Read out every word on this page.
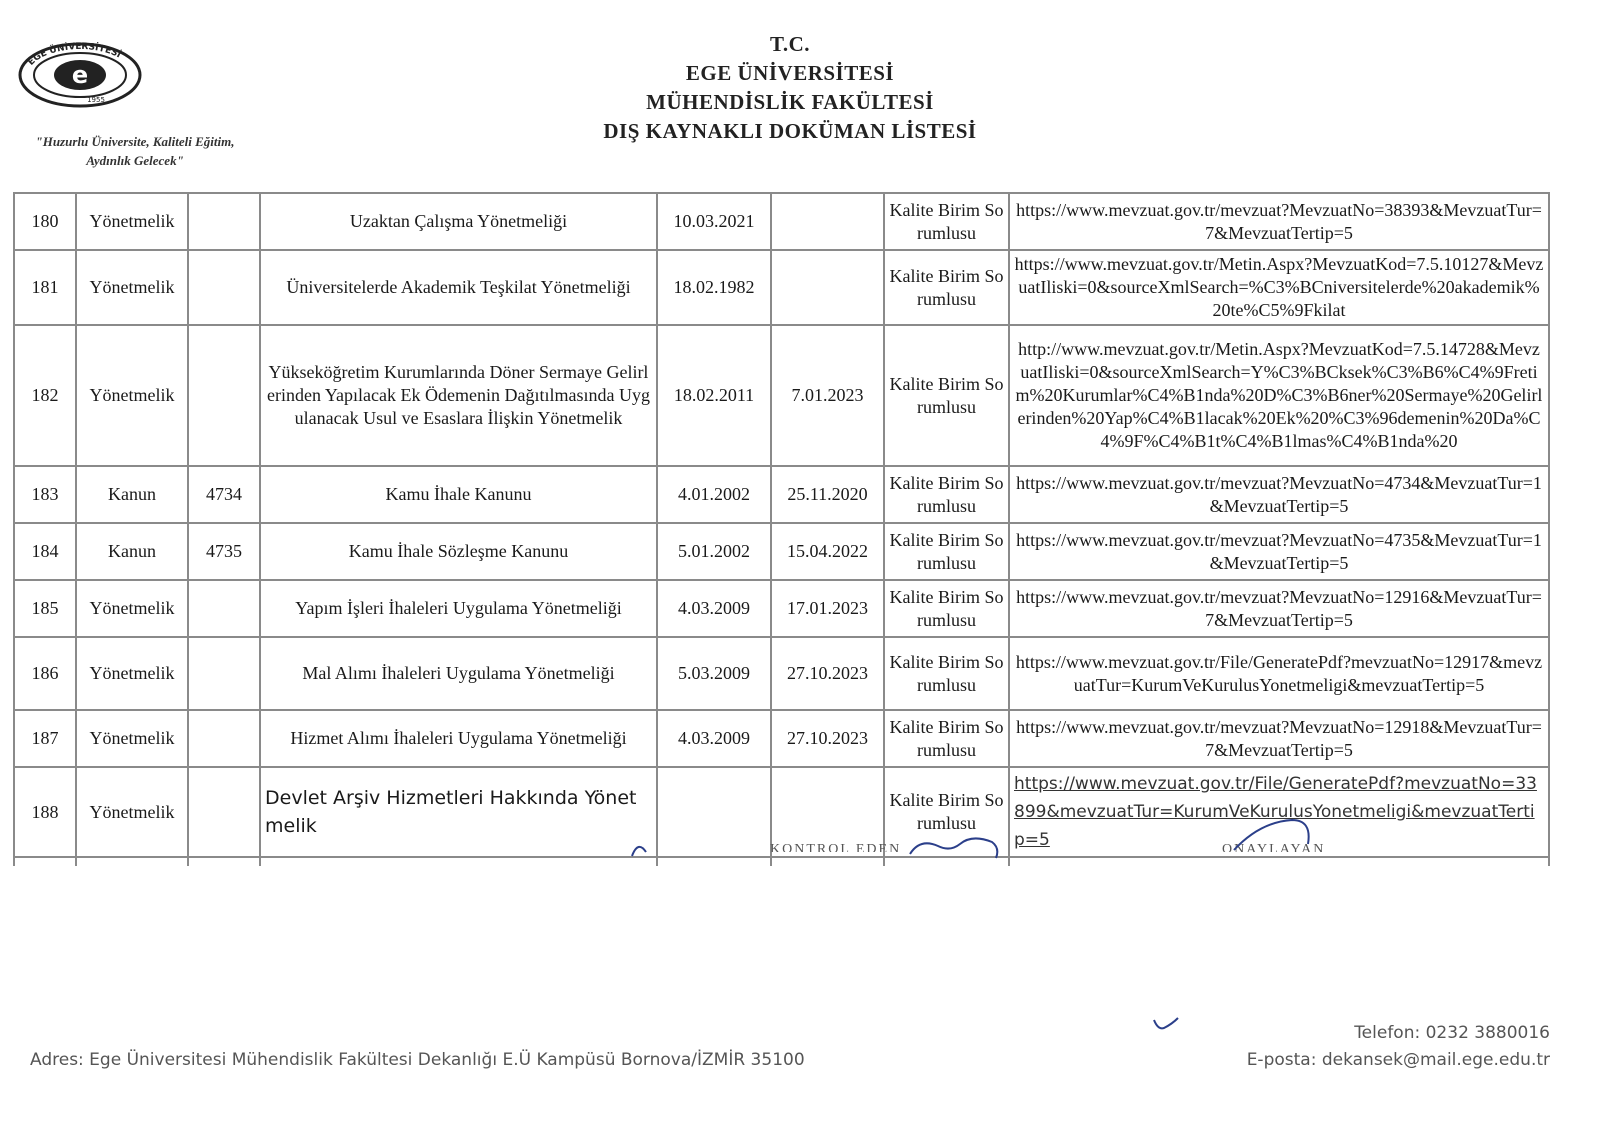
EGE ÜNİVERSİTESİ
e
1955
"Huzurlu Üniversite, Kaliteli Eğitim,
Aydınlık Gelecek"
T.C.
EGE ÜNİVERSİTESİ
MÜHENDİSLİK FAKÜLTESİ
DIŞ KAYNAKLI DOKÜMAN LİSTESİ
180	Yönetmelik		Uzaktan Çalışma Yönetmeliği	10.03.2021		Kalite Birim Sorumlusu	https://www.mevzuat.gov.tr/mevzuat?MevzuatNo=38393&MevzuatTur=7&MevzuatTertip=5
181	Yönetmelik		Üniversitelerde Akademik Teşkilat Yönetmeliği	18.02.1982		Kalite Birim Sorumlusu	https://www.mevzuat.gov.tr/Metin.Aspx?MevzuatKod=7.5.10127&MevzuatIliski=0&sourceXmlSearch=%C3%BCniversitelerde%20akademik%20te%C5%9Fkilat
182	Yönetmelik		Yükseköğretim Kurumlarında Döner Sermaye Gelirlerinden Yapılacak Ek Ödemenin Dağıtılmasında Uygulanacak Usul ve Esaslara İlişkin Yönetmelik	18.02.2011	7.01.2023	Kalite Birim Sorumlusu	http://www.mevzuat.gov.tr/Metin.Aspx?MevzuatKod=7.5.14728&MevzuatIliski=0&sourceXmlSearch=Y%C3%BCksek%C3%B6%C4%9Fretim%20Kurumlar%C4%B1nda%20D%C3%B6ner%20Sermaye%20Gelirlerinden%20Yap%C4%B1lacak%20Ek%20%C3%96demenin%20Da%C4%9F%C4%B1t%C4%B1lmas%C4%B1nda%20
183	Kanun	4734	Kamu İhale Kanunu	4.01.2002	25.11.2020	Kalite Birim Sorumlusu	https://www.mevzuat.gov.tr/mevzuat?MevzuatNo=4734&MevzuatTur=1&MevzuatTertip=5
184	Kanun	4735	Kamu İhale Sözleşme Kanunu	5.01.2002	15.04.2022	Kalite Birim Sorumlusu	https://www.mevzuat.gov.tr/mevzuat?MevzuatNo=4735&MevzuatTur=1&MevzuatTertip=5
185	Yönetmelik		Yapım İşleri İhaleleri Uygulama Yönetmeliği	4.03.2009	17.01.2023	Kalite Birim Sorumlusu	https://www.mevzuat.gov.tr/mevzuat?MevzuatNo=12916&MevzuatTur=7&MevzuatTertip=5
186	Yönetmelik		Mal Alımı İhaleleri Uygulama Yönetmeliği	5.03.2009	27.10.2023	Kalite Birim Sorumlusu	https://www.mevzuat.gov.tr/File/GeneratePdf?mevzuatNo=12917&mevzuatTur=KurumVeKurulusYonetmeligi&mevzuatTertip=5
187	Yönetmelik		Hizmet Alımı İhaleleri Uygulama Yönetmeliği	4.03.2009	27.10.2023	Kalite Birim Sorumlusu	https://www.mevzuat.gov.tr/mevzuat?MevzuatNo=12918&MevzuatTur=7&MevzuatTertip=5
188	Yönetmelik		Devlet Arşiv Hizmetleri Hakkında Yönetmelik			Kalite Birim Sorumlusu	https://www.mevzuat.gov.tr/File/GeneratePdf?mevzuatNo=33899&mevzuatTur=KurumVeKurulusYonetmeligi&mevzuatTertip=5

KONTROL EDEN	ONAYLAYAN
Adres: Ege Üniversitesi Mühendislik Fakültesi Dekanlığı E.Ü Kampüsü Bornova/İZMİR 35100
Telefon: 0232 3880016
E-posta: dekansek@mail.ege.edu.tr
